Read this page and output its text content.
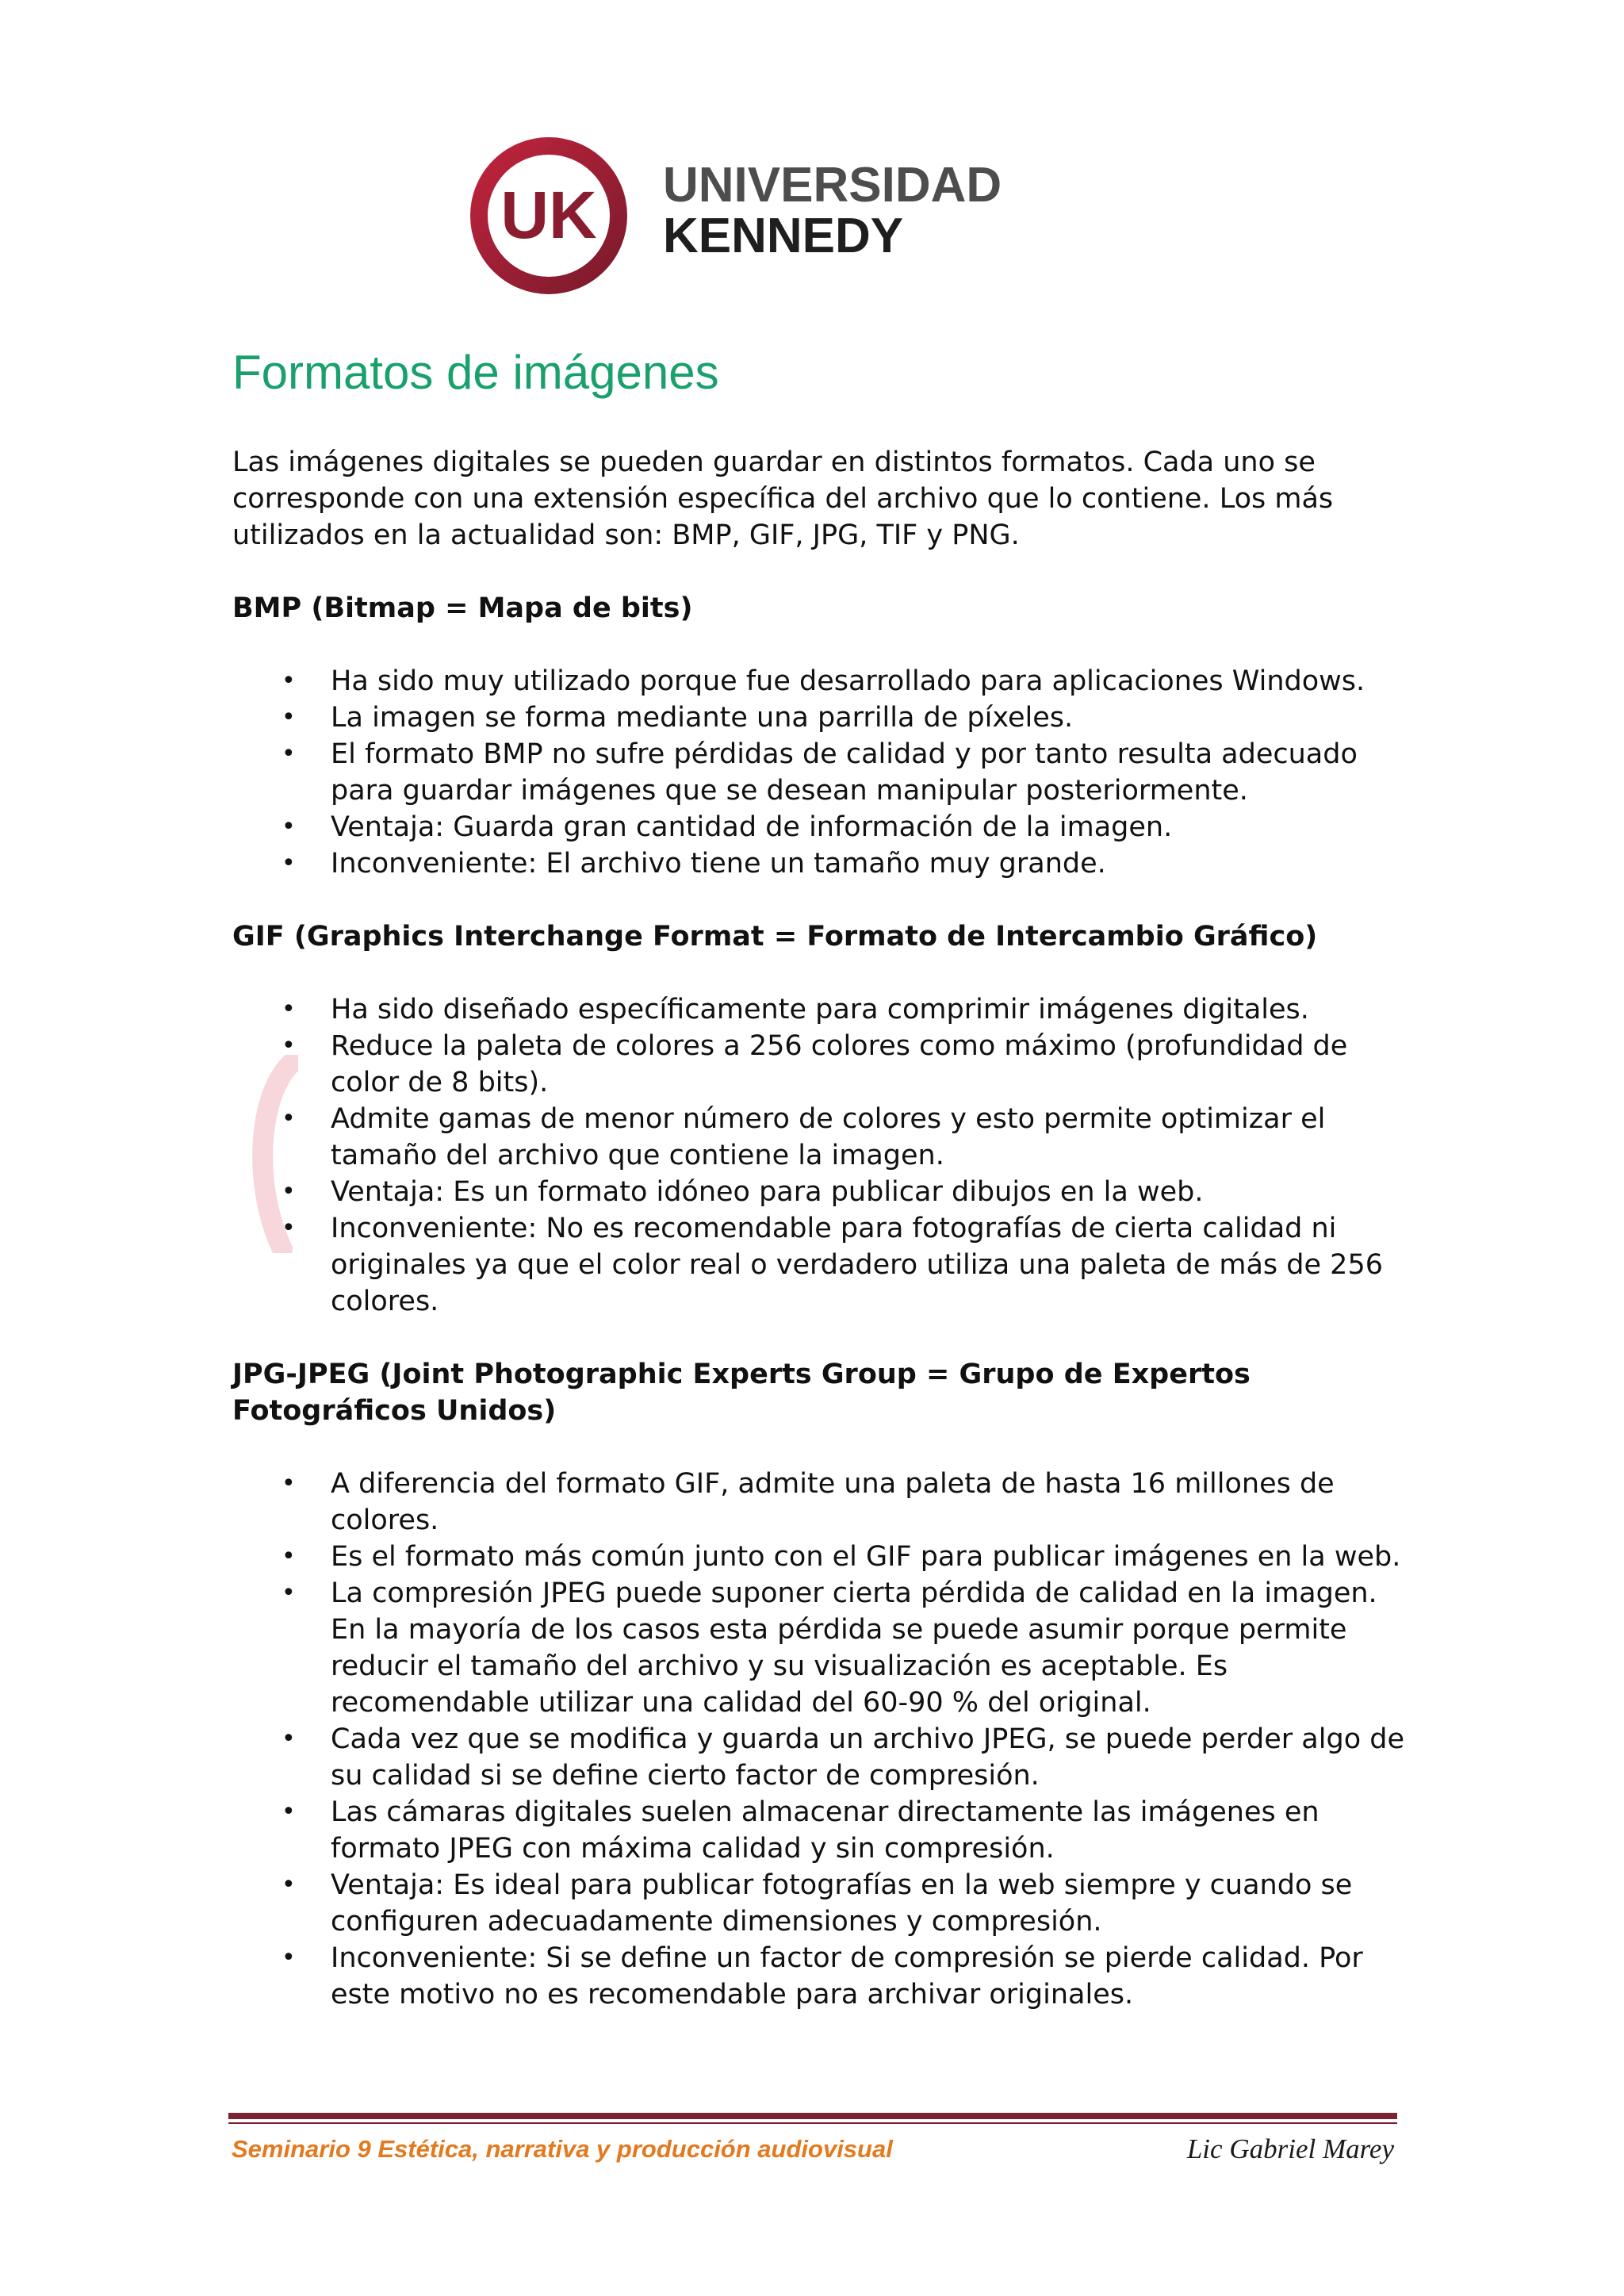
UK UNIVERSIDAD
KENNEDY
Formatos de imágenes

Las imágenes digitales se pueden guardar en distintos formatos. Cada uno se corresponde con una extensión específica del archivo que lo contiene. Los más utilizados en la actualidad son: BMP, GIF, JPG, TIF y PNG.

BMP (Bitmap = Mapa de bits)
• Ha sido muy utilizado porque fue desarrollado para aplicaciones Windows.
• La imagen se forma mediante una parrilla de píxeles.
• El formato BMP no sufre pérdidas de calidad y por tanto resulta adecuado para guardar imágenes que se desean manipular posteriormente.
• Ventaja: Guarda gran cantidad de información de la imagen.
• Inconveniente: El archivo tiene un tamaño muy grande.
GIF (Graphics Interchange Format = Formato de Intercambio Gráfico)
• Ha sido diseñado específicamente para comprimir imágenes digitales.
• Reduce la paleta de colores a 256 colores como máximo (profundidad de color de 8 bits).
• Admite gamas de menor número de colores y esto permite optimizar el tamaño del archivo que contiene la imagen.
• Ventaja: Es un formato idóneo para publicar dibujos en la web.
• Inconveniente: No es recomendable para fotografías de cierta calidad ni originales ya que el color real o verdadero utiliza una paleta de más de 256 colores.
JPG-JPEG (Joint Photographic Experts Group = Grupo de Expertos Fotográficos Unidos)
• A diferencia del formato GIF, admite una paleta de hasta 16 millones de colores.
• Es el formato más común junto con el GIF para publicar imágenes en la web.
• La compresión JPEG puede suponer cierta pérdida de calidad en la imagen. En la mayoría de los casos esta pérdida se puede asumir porque permite reducir el tamaño del archivo y su visualización es aceptable. Es recomendable utilizar una calidad del 60-90 % del original.
• Cada vez que se modifica y guarda un archivo JPEG, se puede perder algo de su calidad si se define cierto factor de compresión.
• Las cámaras digitales suelen almacenar directamente las imágenes en formato JPEG con máxima calidad y sin compresión.
• Ventaja: Es ideal para publicar fotografías en la web siempre y cuando se configuren adecuadamente dimensiones y compresión.
• Inconveniente: Si se define un factor de compresión se pierde calidad. Por este motivo no es recomendable para archivar originales.
Seminario 9 Estética, narrativa y producción audiovisual	Lic Gabriel Marey
